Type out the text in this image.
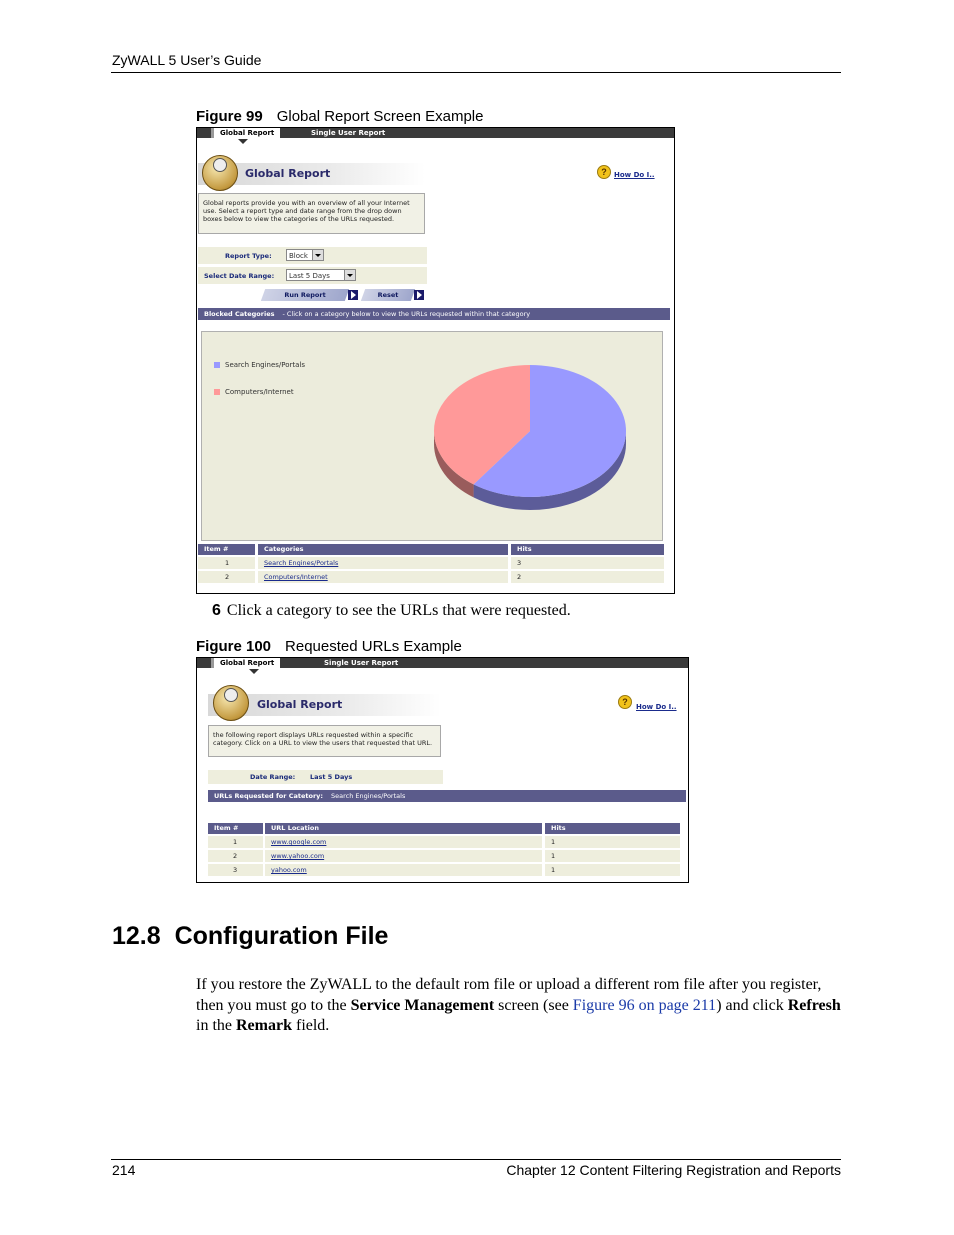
ZyWALL 5 User’s Guide
Figure 99 Global Report Screen Example
Global Report	Single User Report
Global Report	?	How Do I..
Global reports provide you with an overview of all your Internet use. Select a report type and date range from the drop down boxes below to view the categories of the URLs requested.
Report Type:	Block
Select Date Range:	Last 5 Days
Run Report	Reset
Blocked Categories - Click on a category below to view the URLs requested within that category
Search Engines/Portals
Computers/Internet
Item #	Categories	Hits
1	Search Engines/Portals	3
2	Computers/Internet	2
6 Click a category to see the URLs that were requested.
Figure 100 Requested URLs Example
Global Report	Single User Report
Global Report	?	How Do I..
the following report displays URLs requested within a specific category. Click on a URL to view the users that requested that URL.
Date Range: Last 5 Days
URLs Requested for Catetory: Search Engines/Portals
Item #	URL Location	Hits
1	www.google.com	1
2	www.yahoo.com	1
3	yahoo.com	1
12.8 Configuration File
If you restore the ZyWALL to the default rom file or upload a different rom file after you register, then you must go to the Service Management screen (see Figure 96 on page 211) and click Refresh in the Remark field.
214	Chapter 12 Content Filtering Registration and Reports
